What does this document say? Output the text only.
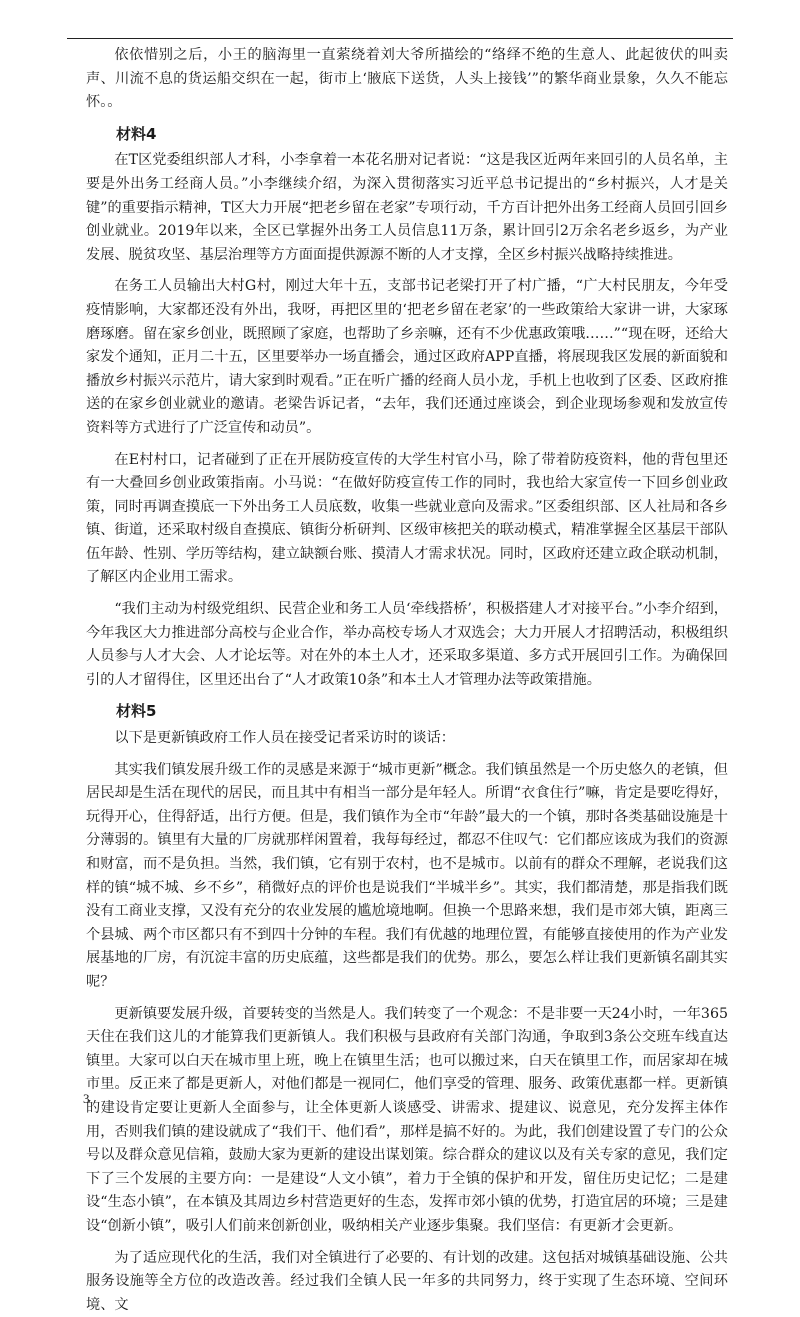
依依惜别之后，小王的脑海里一直萦绕着刘大爷所描绘的“络绎不绝的生意人、此起彼伏的叫卖声、川流不息的货运船交织在一起，街市上‘腋底下送货，人头上接钱’”的繁华商业景象，久久不能忘怀。。

材料4

在T区党委组织部人才科，小李拿着一本花名册对记者说：“这是我区近两年来回引的人员名单，主要是外出务工经商人员。”小李继续介绍，为深入贯彻落实习近平总书记提出的“乡村振兴，人才是关键”的重要指示精神，T区大力开展“把老乡留在老家”专项行动，千方百计把外出务工经商人员回引回乡创业就业。2019年以来，全区已掌握外出务工人员信息11万条，累计回引2万余名老乡返乡，为产业发展、脱贫攻坚、基层治理等方方面面提供源源不断的人才支撑，全区乡村振兴战略持续推进。

在务工人员输出大村G村，刚过大年十五，支部书记老梁打开了村广播，“广大村民朋友，今年受疫情影响，大家都还没有外出，我呀，再把区里的‘把老乡留在老家’的一些政策给大家讲一讲，大家琢磨琢磨。留在家乡创业，既照顾了家庭，也帮助了乡亲嘛，还有不少优惠政策哦……”“现在呀，还给大家发个通知，正月二十五，区里要举办一场直播会，通过区政府APP直播，将展现我区发展的新面貌和播放乡村振兴示范片，请大家到时观看。”正在听广播的经商人员小龙，手机上也收到了区委、区政府推送的在家乡创业就业的邀请。老梁告诉记者，“去年，我们还通过座谈会，到企业现场参观和发放宣传资料等方式进行了广泛宣传和动员”。

在E村村口，记者碰到了正在开展防疫宣传的大学生村官小马，除了带着防疫资料，他的背包里还有一大叠回乡创业政策指南。小马说：“在做好防疫宣传工作的同时，我也给大家宣传一下回乡创业政策，同时再调查摸底一下外出务工人员底数，收集一些就业意向及需求。”区委组织部、区人社局和各乡镇、街道，还采取村级自查摸底、镇街分析研判、区级审核把关的联动模式，精准掌握全区基层干部队伍年龄、性别、学历等结构，建立缺额台账、摸清人才需求状况。同时，区政府还建立政企联动机制，了解区内企业用工需求。

“我们主动为村级党组织、民营企业和务工人员‘牵线搭桥’，积极搭建人才对接平台。”小李介绍到，今年我区大力推进部分高校与企业合作，举办高校专场人才双选会；大力开展人才招聘活动，积极组织人员参与人才大会、人才论坛等。对在外的本土人才，还采取多渠道、多方式开展回引工作。为确保回引的人才留得住，区里还出台了“人才政策10条”和本土人才管理办法等政策措施。

材料5

以下是更新镇政府工作人员在接受记者采访时的谈话：

其实我们镇发展升级工作的灵感是来源于“城市更新”概念。我们镇虽然是一个历史悠久的老镇，但居民却是生活在现代的居民，而且其中有相当一部分是年轻人。所谓“衣食住行”嘛，肯定是要吃得好，玩得开心，住得舒适，出行方便。但是，我们镇作为全市“年龄”最大的一个镇，那时各类基础设施是十分薄弱的。镇里有大量的厂房就那样闲置着，我每每经过，都忍不住叹气：它们都应该成为我们的资源和财富，而不是负担。当然，我们镇，它有别于农村，也不是城市。以前有的群众不理解，老说我们这样的镇“城不城、乡不乡”，稍微好点的评价也是说我们“半城半乡”。其实，我们都清楚，那是指我们既没有工商业支撑，又没有充分的农业发展的尴尬境地啊。但换一个思路来想，我们是市郊大镇，距离三个县城、两个市区都只有不到四十分钟的车程。我们有优越的地理位置，有能够直接使用的作为产业发展基地的厂房，有沉淀丰富的历史底蕴，这些都是我们的优势。那么，要怎么样让我们更新镇名副其实呢？

更新镇要发展升级，首要转变的当然是人。我们转变了一个观念：不是非要一天24小时，一年365天住在我们这儿的才能算我们更新镇人。我们积极与县政府有关部门沟通，争取到3条公交班车线直达镇里。大家可以白天在城市里上班，晚上在镇里生活；也可以搬过来，白天在镇里工作，而居家却在城市里。反正来了都是更新人，对他们都是一视同仁，他们享受的管理、服务、政策优惠都一样。更新镇的建设肯定要让更新人全面参与，让全体更新人谈感受、讲需求、提建议、说意见，充分发挥主体作用，否则我们镇的建设就成了“我们干、他们看”，那样是搞不好的。为此，我们创建设置了专门的公众号以及群众意见信箱，鼓励大家为更新的建设出谋划策。综合群众的建议以及有关专家的意见，我们定下了三个发展的主要方向：一是建设“人文小镇”，着力于全镇的保护和开发，留住历史记忆；二是建设“生态小镇”，在本镇及其周边乡村营造更好的生态，发挥市郊小镇的优势，打造宜居的环境；三是建设“创新小镇”，吸引人们前来创新创业，吸纳相关产业逐步集聚。我们坚信：有更新才会更新。

为了适应现代化的生活，我们对全镇进行了必要的、有计划的改建。这包括对城镇基础设施、公共服务设施等全方位的改造改善。经过我们全镇人民一年多的共同努力，终于实现了生态环境、空间环境、文

3
